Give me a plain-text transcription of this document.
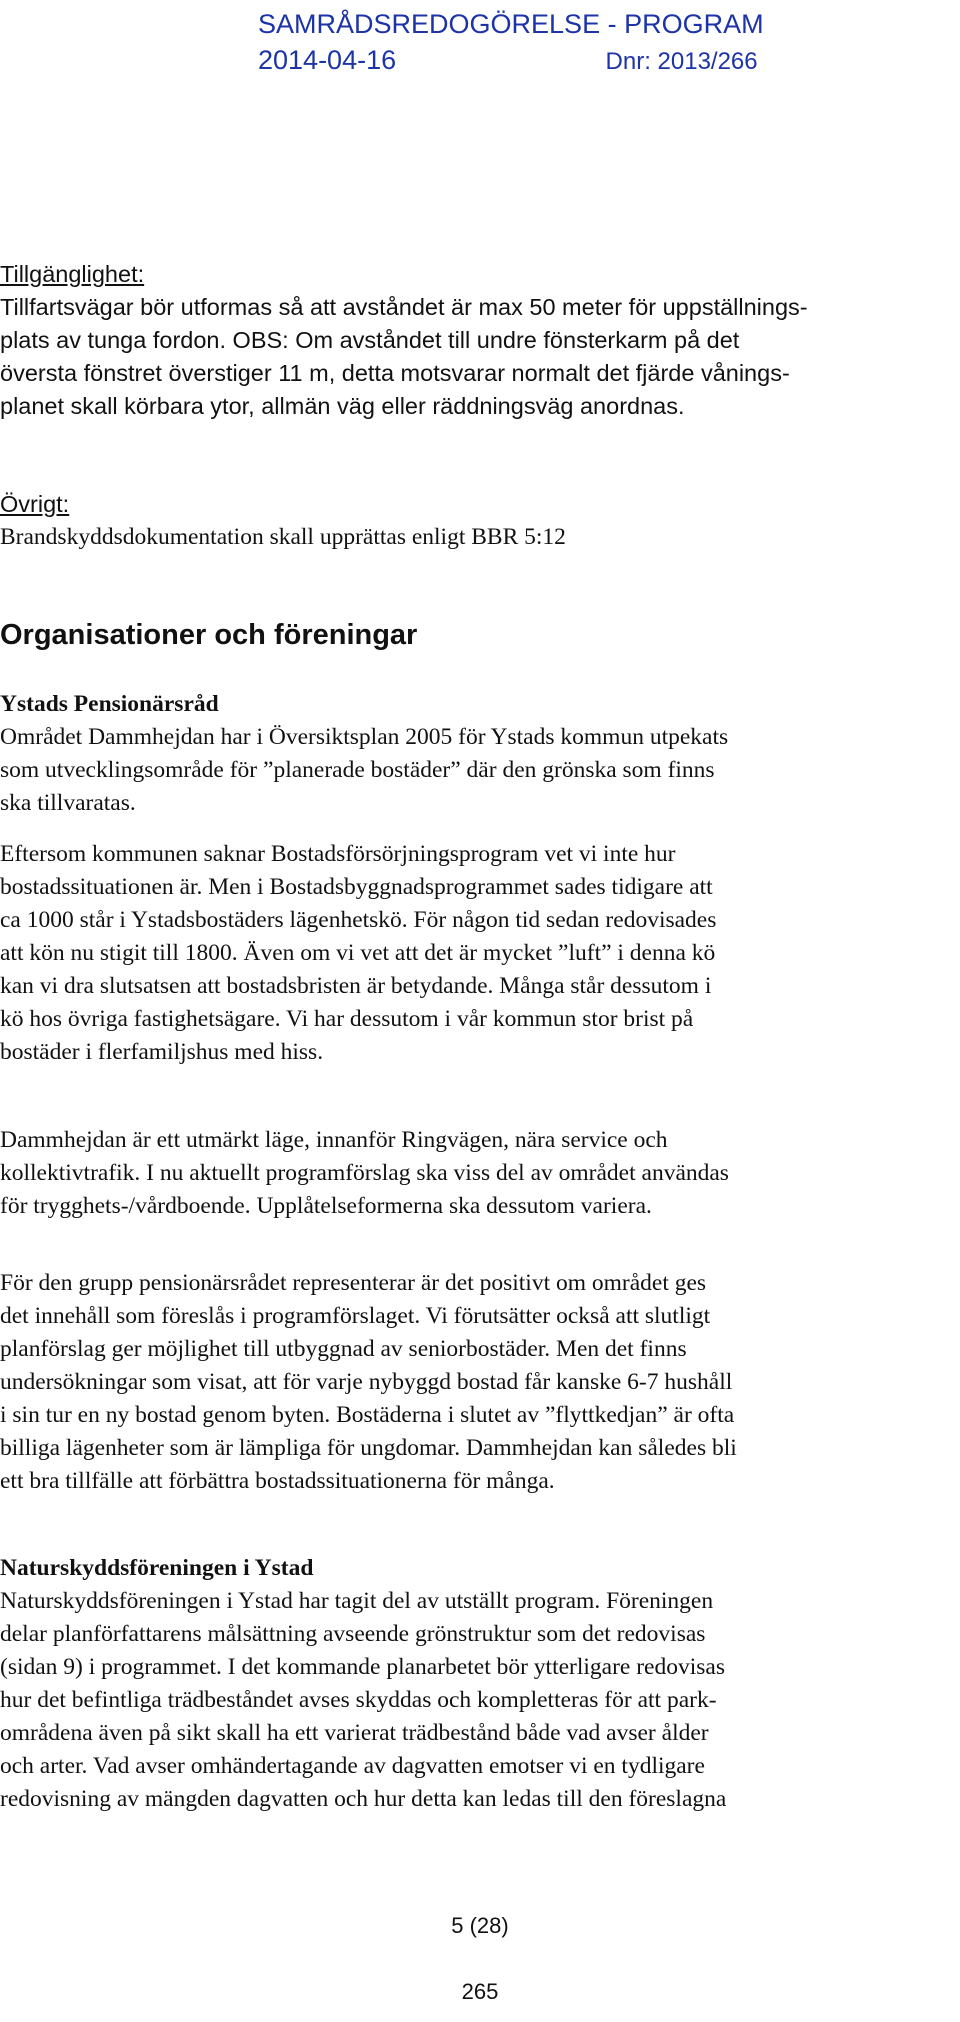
SAMRÅDSREDOGÖRELSE - PROGRAM
2014-04-16	Dnr: 2013/266
Tillgänglighet:
Tillfartsvägar bör utformas så att avståndet är max 50 meter för uppställnings-
plats av tunga fordon. OBS: Om avståndet till undre fönsterkarm på det
översta fönstret överstiger 11 m, detta motsvarar normalt det fjärde vånings-
planet skall körbara ytor, allmän väg eller räddningsväg anordnas.
Övrigt:
Brandskyddsdokumentation skall upprättas enligt BBR 5:12
Organisationer och föreningar
Ystads Pensionärsråd
Området Dammhejdan har i Översiktsplan 2005 för Ystads kommun utpekats
som utvecklingsområde för ”planerade bostäder” där den grönska som finns
ska tillvaratas.
Eftersom kommunen saknar Bostadsförsörjningsprogram vet vi inte hur
bostadssituationen är. Men i Bostadsbyggnadsprogrammet sades tidigare att
ca 1000 står i Ystadsbostäders lägenhetskö. För någon tid sedan redovisades
att kön nu stigit till 1800. Även om vi vet att det är mycket ”luft” i denna kö
kan vi dra slutsatsen att bostadsbristen är betydande. Många står dessutom i
kö hos övriga fastighetsägare. Vi har dessutom i vår kommun stor brist på
bostäder i flerfamiljshus med hiss.
Dammhejdan är ett utmärkt läge, innanför Ringvägen, nära service och
kollektivtrafik. I nu aktuellt programförslag ska viss del av området användas
för trygghets-/vårdboende. Upplåtelseformerna ska dessutom variera.
För den grupp pensionärsrådet representerar är det positivt om området ges
det innehåll som föreslås i programförslaget. Vi förutsätter också att slutligt
planförslag ger möjlighet till utbyggnad av seniorbostäder. Men det finns
undersökningar som visat, att för varje nybyggd bostad får kanske 6-7 hushåll
i sin tur en ny bostad genom byten. Bostäderna i slutet av ”flyttkedjan” är ofta
billiga lägenheter som är lämpliga för ungdomar. Dammhejdan kan således bli
ett bra tillfälle att förbättra bostadssituationerna för många.
Naturskyddsföreningen i Ystad
Naturskyddsföreningen i Ystad har tagit del av utställt program. Föreningen
delar planförfattarens målsättning avseende grönstruktur som det redovisas
(sidan 9) i programmet. I det kommande planarbetet bör ytterligare redovisas
hur det befintliga trädbeståndet avses skyddas och kompletteras för att park-
områdena även på sikt skall ha ett varierat trädbestånd både vad avser ålder
och arter. Vad avser omhändertagande av dagvatten emotser vi en tydligare
redovisning av mängden dagvatten och hur detta kan ledas till den föreslagna
5 (28)
265
